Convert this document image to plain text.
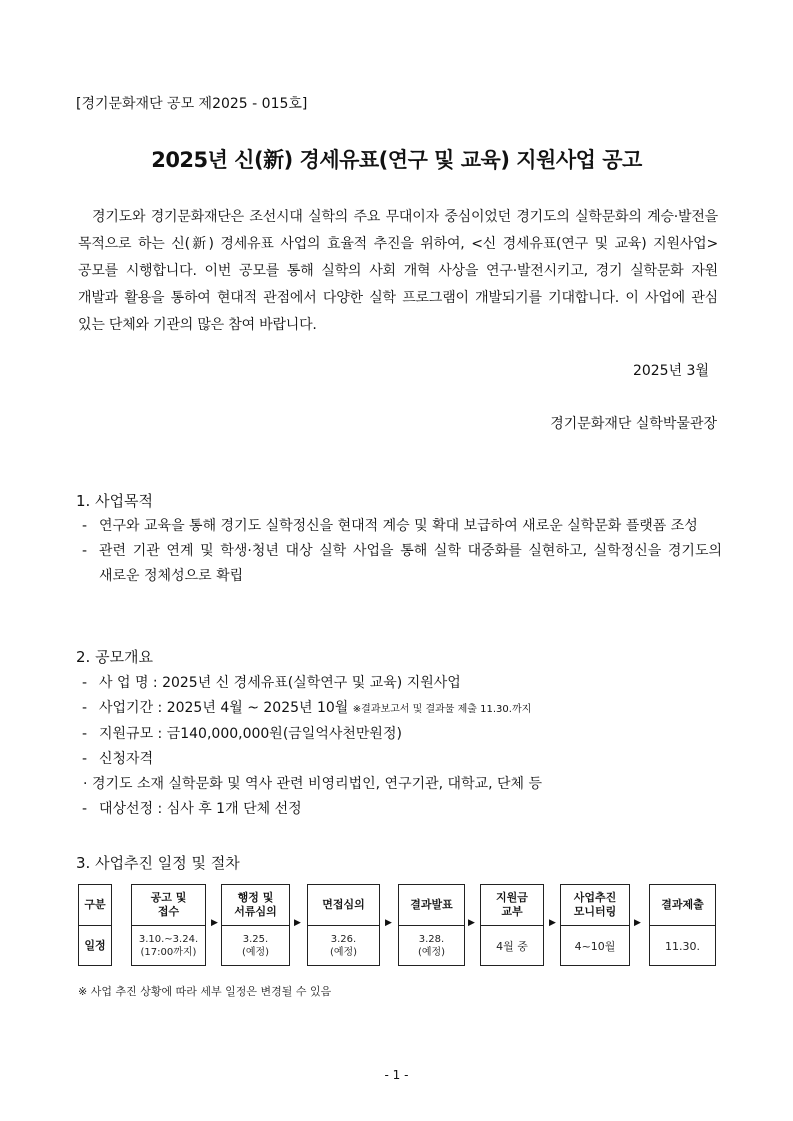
[경기문화재단 공모 제2025 - 015호]
2025년 신(新) 경세유표(연구 및 교육) 지원사업 공고

경기도와 경기문화재단은 조선시대 실학의 주요 무대이자 중심이었던 경기도의 실학문화의 계승·발전을 목적으로 하는 신(新) 경세유표 사업의 효율적 추진을 위하여, <신 경세유표(연구 및 교육) 지원사업> 공모를 시행합니다. 이번 공모를 통해 실학의 사회 개혁 사상을 연구·발전시키고, 경기 실학문화 자원 개발과 활용을 통하여 현대적 관점에서 다양한 실학 프로그램이 개발되기를 기대합니다. 이 사업에 관심 있는 단체와 기관의 많은 참여 바랍니다.

2025년 3월
경기문화재단 실학박물관장
1. 사업목적
- 연구와 교육을 통해 경기도 실학정신을 현대적 계승 및 확대 보급하여 새로운 실학문화 플랫폼 조성
- 관련 기관 연계 및 학생·청년 대상 실학 사업을 통해 실학 대중화를 실현하고, 실학정신을 경기도의 새로운 정체성으로 확립
2. 공모개요
- 사 업 명 : 2025년 신 경세유표(실학연구 및 교육) 지원사업
- 사업기간 : 2025년 4월 ~ 2025년 10월 ※결과보고서 및 결과물 제출 11.30.까지
- 지원규모 : 금140,000,000원(금일억사천만원정)
- 신청자격
· 경기도 소재 실학문화 및 역사 관련 비영리법인, 연구기관, 대학교, 단체 등
- 대상선정 : 심사 후 1개 단체 선정
3. 사업추진 일정 및 절차
구분
일정
공고 및
접수
3.10.~3.24.
(17:00까지)
▶
행정 및
서류심의
3.25.
(예정)
▶
면접심의
3.26.
(예정)
▶
결과발표
3.28.
(예정)
▶
지원금
교부
4월 중
▶
사업추진
모니터링
4~10월
▶
결과제출
11.30.
※ 사업 추진 상황에 따라 세부 일정은 변경될 수 있음
- 1 -
